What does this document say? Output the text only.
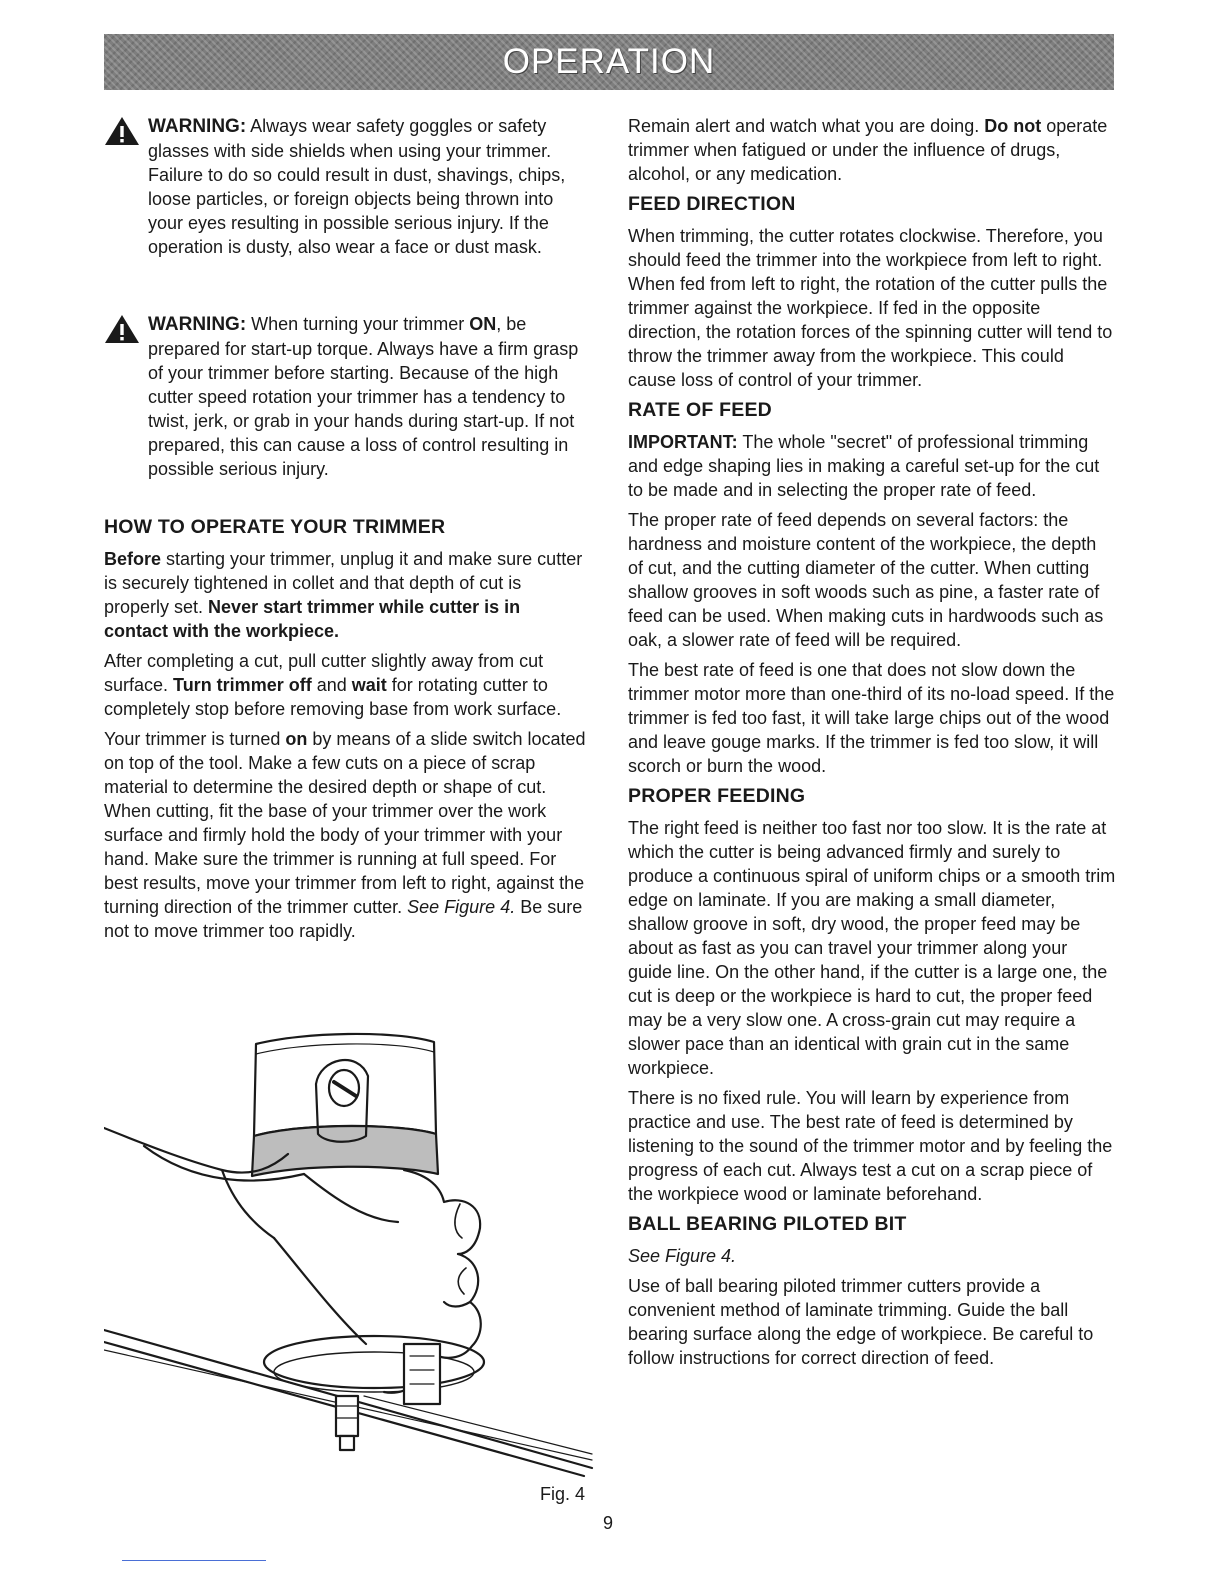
OPERATION
WARNING: Always wear safety goggles or safety glasses with side shields when using your trimmer. Failure to do so could result in dust, shavings, chips, loose particles, or foreign objects being thrown into your eyes resulting in possible serious injury. If the operation is dusty, also wear a face or dust mask.
WARNING: When turning your trimmer ON, be prepared for start-up torque. Always have a firm grasp of your trimmer before starting. Because of the high cutter speed rotation your trimmer has a tendency to twist, jerk, or grab in your hands during start-up. If not prepared, this can cause a loss of control resulting in possible serious injury.
HOW TO OPERATE YOUR TRIMMER

Before starting your trimmer, unplug it and make sure cutter is securely tightened in collet and that depth of cut is properly set. Never start trimmer while cutter is in contact with the workpiece.

After completing a cut, pull cutter slightly away from cut surface. Turn trimmer off and wait for rotating cutter to completely stop before removing base from work surface.

Your trimmer is turned on by means of a slide switch located on top of the tool. Make a few cuts on a piece of scrap material to determine the desired depth or shape of cut. When cutting, fit the base of your trimmer over the work surface and firmly hold the body of your trimmer with your hand. Make sure the trimmer is running at full speed. For best results, move your trimmer from left to right, against the turning direction of the trimmer cutter. See Figure 4. Be sure not to move trimmer too rapidly.

Fig. 4

Remain alert and watch what you are doing. Do not operate trimmer when fatigued or under the influence of drugs, alcohol, or any medication.

FEED DIRECTION

When trimming, the cutter rotates clockwise. Therefore, you should feed the trimmer into the workpiece from left to right. When fed from left to right, the rotation of the cutter pulls the trimmer against the workpiece. If fed in the opposite direction, the rotation forces of the spinning cutter will tend to throw the trimmer away from the workpiece. This could cause loss of control of your trimmer.

RATE OF FEED

IMPORTANT: The whole "secret" of professional trimming and edge shaping lies in making a careful set-up for the cut to be made and in selecting the proper rate of feed.

The proper rate of feed depends on several factors: the hardness and moisture content of the workpiece, the depth of cut, and the cutting diameter of the cutter. When cutting shallow grooves in soft woods such as pine, a faster rate of feed can be used. When making cuts in hardwoods such as oak, a slower rate of feed will be required.

The best rate of feed is one that does not slow down the trimmer motor more than one-third of its no-load speed. If the trimmer is fed too fast, it will take large chips out of the wood and leave gouge marks. If the trimmer is fed too slow, it will scorch or burn the wood.

PROPER FEEDING

The right feed is neither too fast nor too slow. It is the rate at which the cutter is being advanced firmly and surely to produce a continuous spiral of uniform chips or a smooth trim edge on laminate. If you are making a small diameter, shallow groove in soft, dry wood, the proper feed may be about as fast as you can travel your trimmer along your guide line. On the other hand, if the cutter is a large one, the cut is deep or the workpiece is hard to cut, the proper feed may be a very slow one. A cross-grain cut may require a slower pace than an identical with grain cut in the same workpiece.

There is no fixed rule. You will learn by experience from practice and use. The best rate of feed is determined by listening to the sound of the trimmer motor and by feeling the progress of each cut. Always test a cut on a scrap piece of the workpiece wood or laminate beforehand.

BALL BEARING PILOTED BIT

See Figure 4.

Use of ball bearing piloted trimmer cutters provide a convenient method of laminate trimming. Guide the ball bearing surface along the edge of workpiece. Be careful to follow instructions for correct direction of feed.

9
